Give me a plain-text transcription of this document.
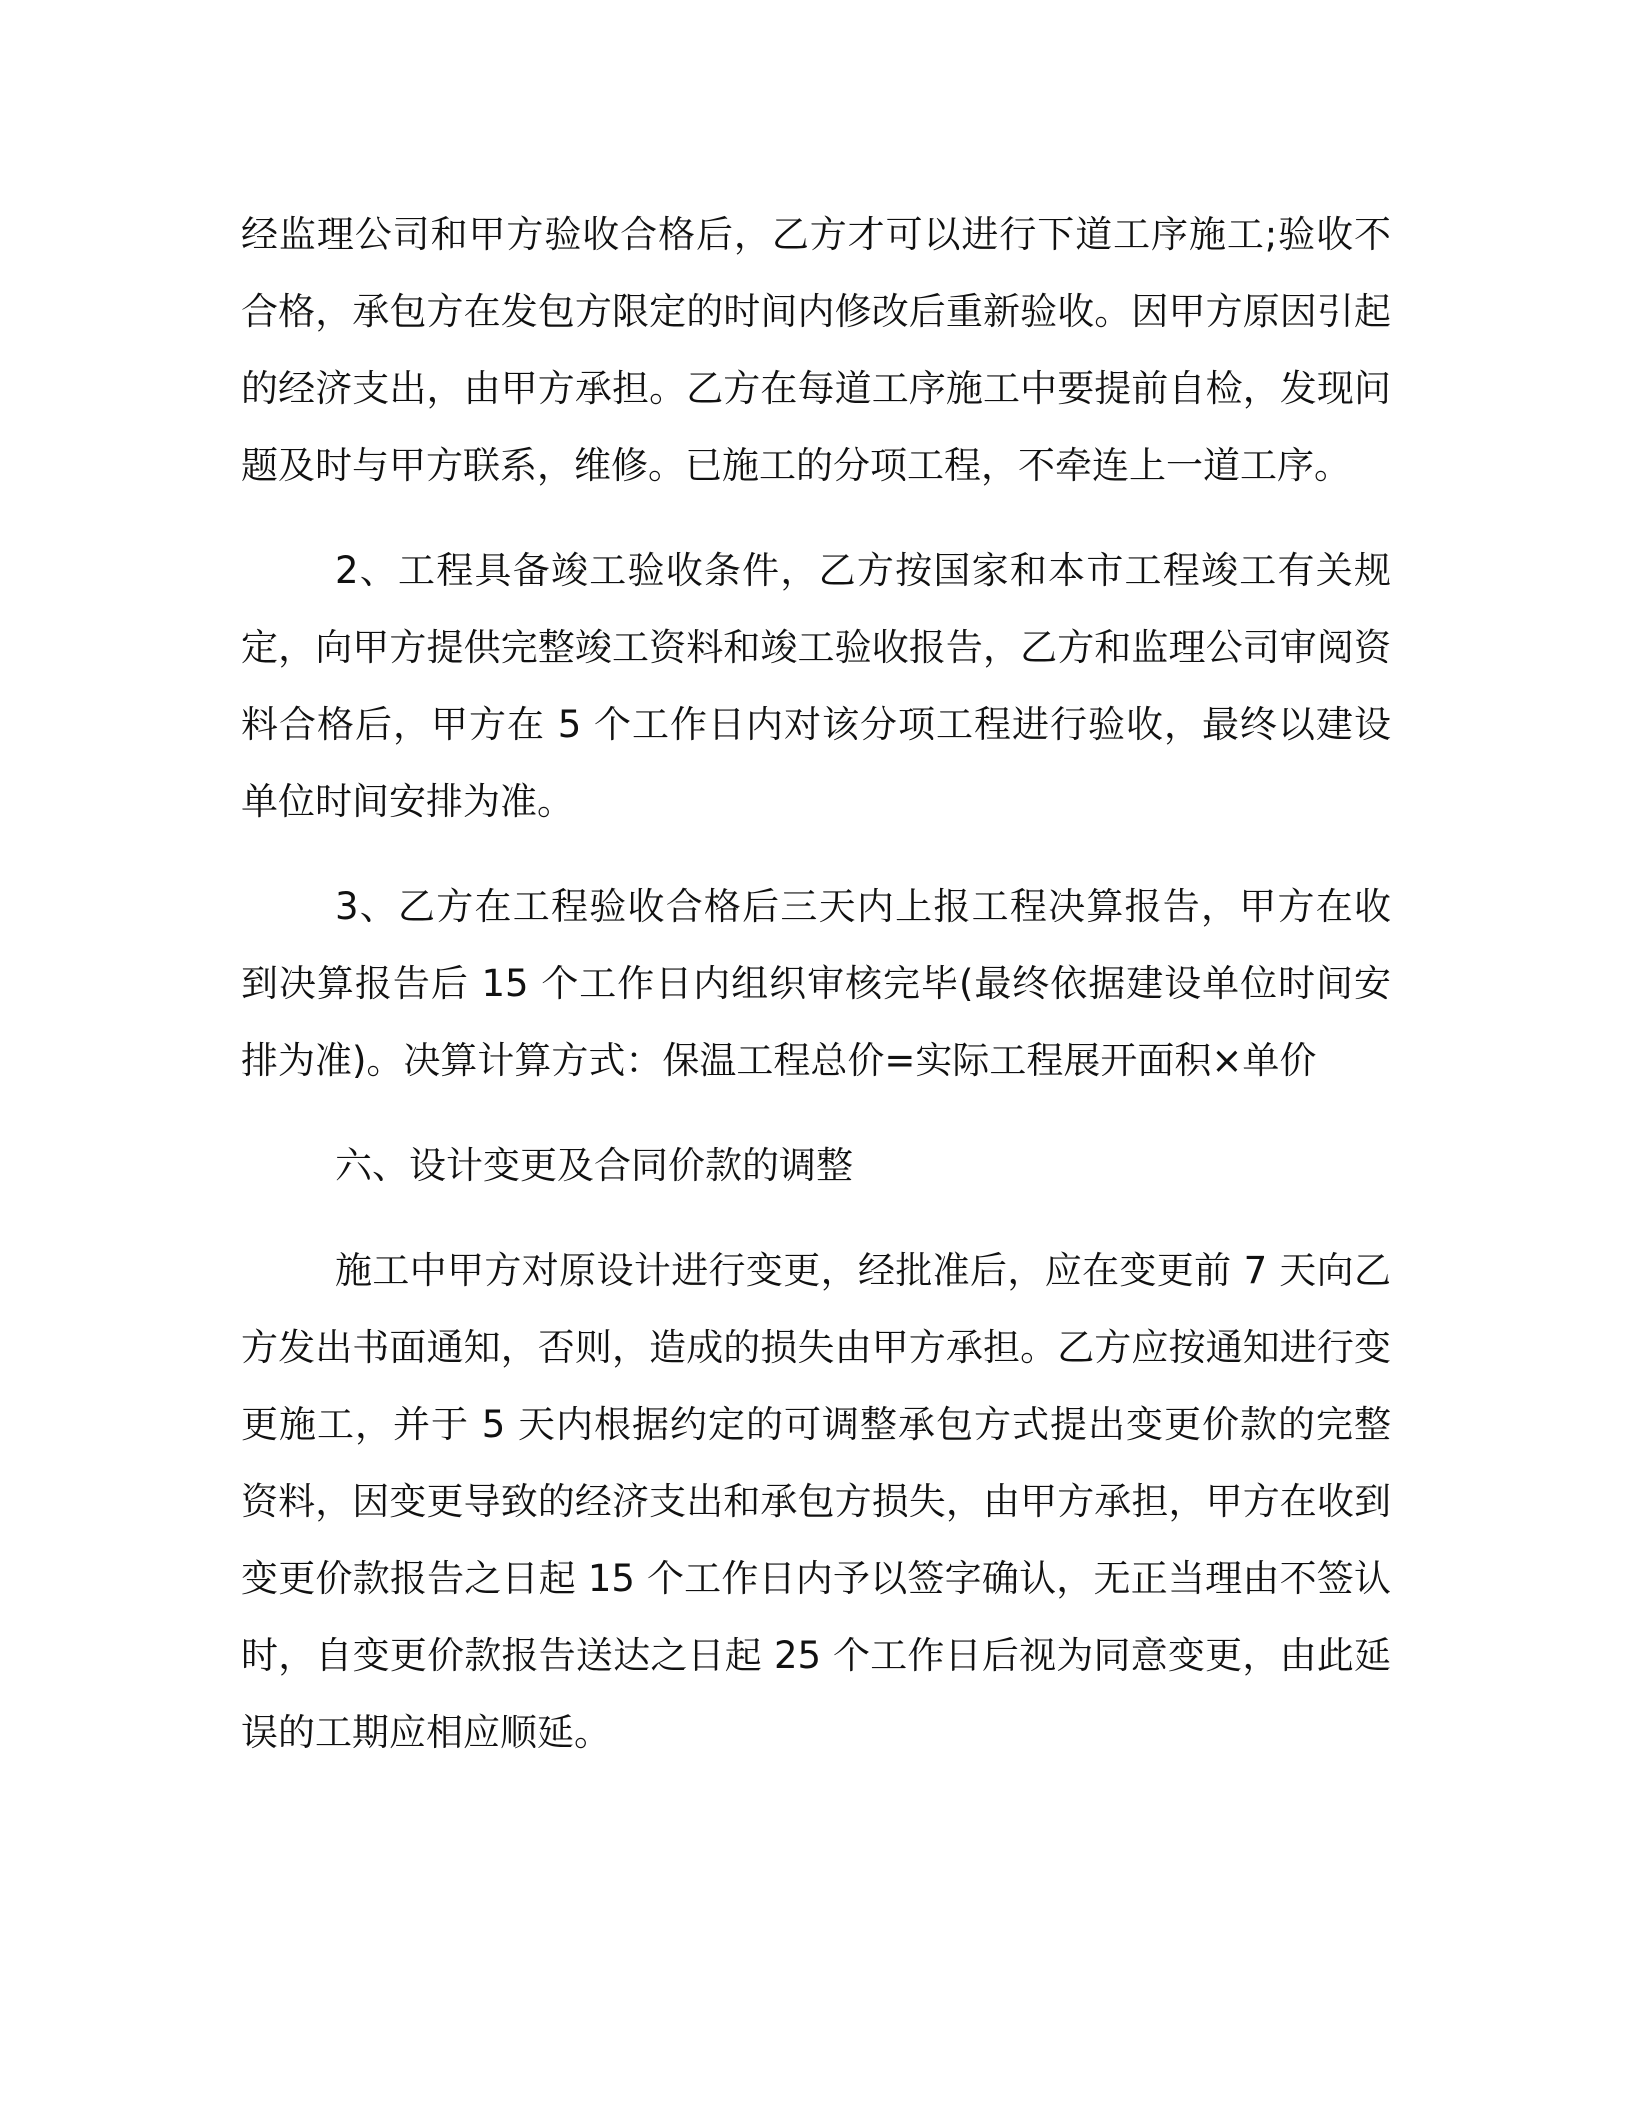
经监理公司和甲方验收合格后，乙方才可以进行下道工序施工;验收不合格，承包方在发包方限定的时间内修改后重新验收。因甲方原因引起的经济支出，由甲方承担。乙方在每道工序施工中要提前自检，发现问题及时与甲方联系，维修。已施工的分项工程，不牵连上一道工序。

2、工程具备竣工验收条件，乙方按国家和本市工程竣工有关规定，向甲方提供完整竣工资料和竣工验收报告，乙方和监理公司审阅资料合格后，甲方在 5 个工作日内对该分项工程进行验收，最终以建设单位时间安排为准。

3、乙方在工程验收合格后三天内上报工程决算报告，甲方在收到决算报告后 15 个工作日内组织审核完毕(最终依据建设单位时间安排为准)。决算计算方式：保温工程总价=实际工程展开面积×单价

六、设计变更及合同价款的调整

施工中甲方对原设计进行变更，经批准后，应在变更前 7 天向乙方发出书面通知，否则，造成的损失由甲方承担。乙方应按通知进行变更施工，并于 5 天内根据约定的可调整承包方式提出变更价款的完整资料，因变更导致的经济支出和承包方损失，由甲方承担，甲方在收到变更价款报告之日起 15 个工作日内予以签字确认，无正当理由不签认时，自变更价款报告送达之日起 25 个工作日后视为同意变更，由此延误的工期应相应顺延。
